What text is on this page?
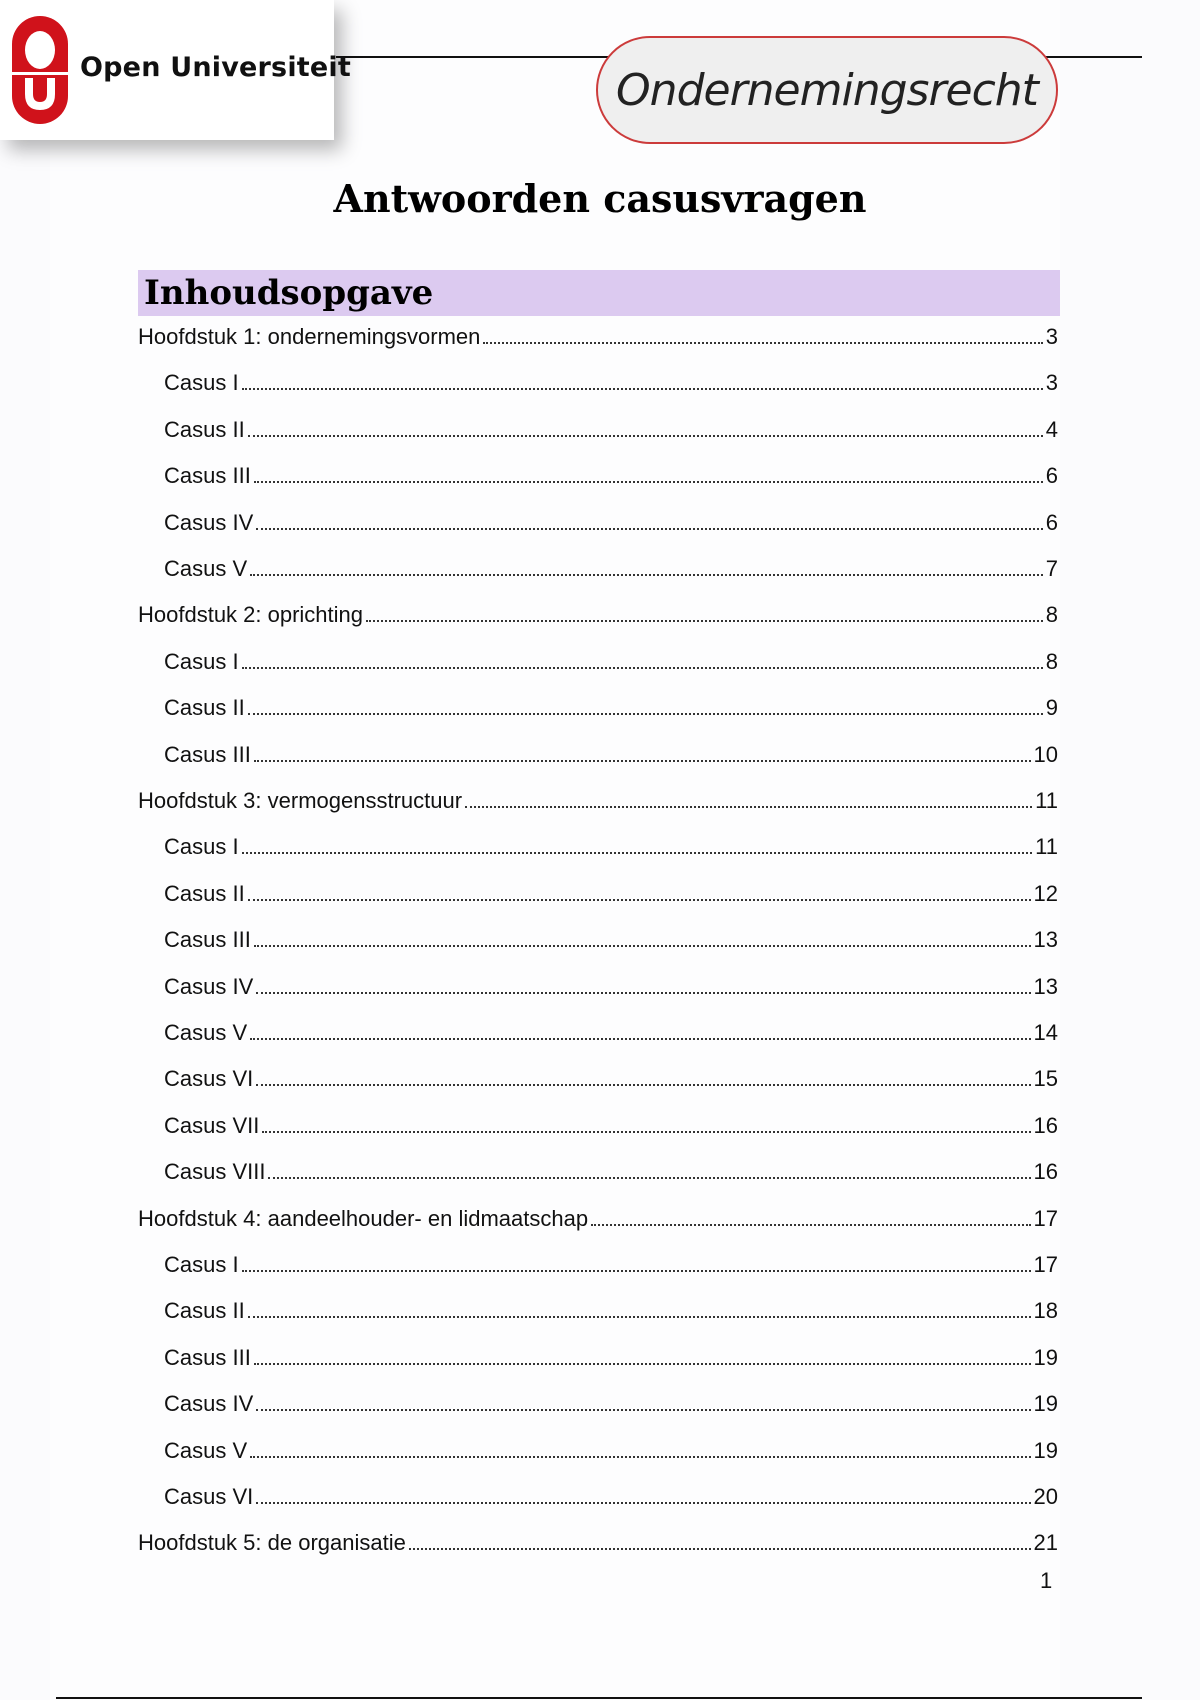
Open Universiteit	Ondernemingsrecht
Antwoorden casusvragen
Inhoudsopgave
Hoofdstuk 1: ondernemingsvormen	3
Casus I	3
Casus II	4
Casus III	6
Casus IV	6
Casus V	7
Hoofdstuk 2: oprichting	8
Casus I	8
Casus II	9
Casus III	10
Hoofdstuk 3: vermogensstructuur	11
Casus I	11
Casus II	12
Casus III	13
Casus IV	13
Casus V	14
Casus VI	15
Casus VII	16
Casus VIII	16
Hoofdstuk 4: aandeelhouder- en lidmaatschap	17
Casus I	17
Casus II	18
Casus III	19
Casus IV	19
Casus V	19
Casus VI	20
Hoofdstuk 5: de organisatie	21
1
